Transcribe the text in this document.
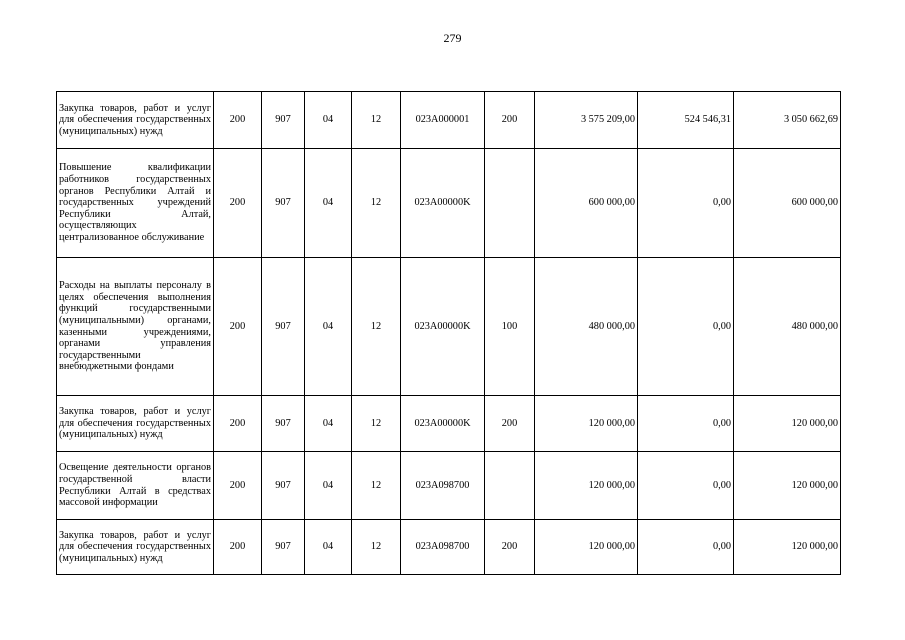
279
Закупка товаров, работ и услуг для обеспечения государственных (муниципальных) нужд	200	907	04	12	023A000001	200	3 575 209,00	524 546,31	3 050 662,69
Повышение квалификации работников государственных органов Республики Алтай и государственных учреждений Республики Алтай, осуществляющих централизованное обслуживание	200	907	04	12	023A00000K		600 000,00	0,00	600 000,00
Расходы на выплаты персоналу в целях обеспечения выполнения функций государственными (муниципальными) органами, казенными учреждениями, органами управления государственными внебюджетными фондами	200	907	04	12	023A00000K	100	480 000,00	0,00	480 000,00
Закупка товаров, работ и услуг для обеспечения государственных (муниципальных) нужд	200	907	04	12	023A00000K	200	120 000,00	0,00	120 000,00
Освещение деятельности органов государственной власти Республики Алтай в средствах массовой информации	200	907	04	12	023A098700		120 000,00	0,00	120 000,00
Закупка товаров, работ и услуг для обеспечения государственных (муниципальных) нужд	200	907	04	12	023A098700	200	120 000,00	0,00	120 000,00
